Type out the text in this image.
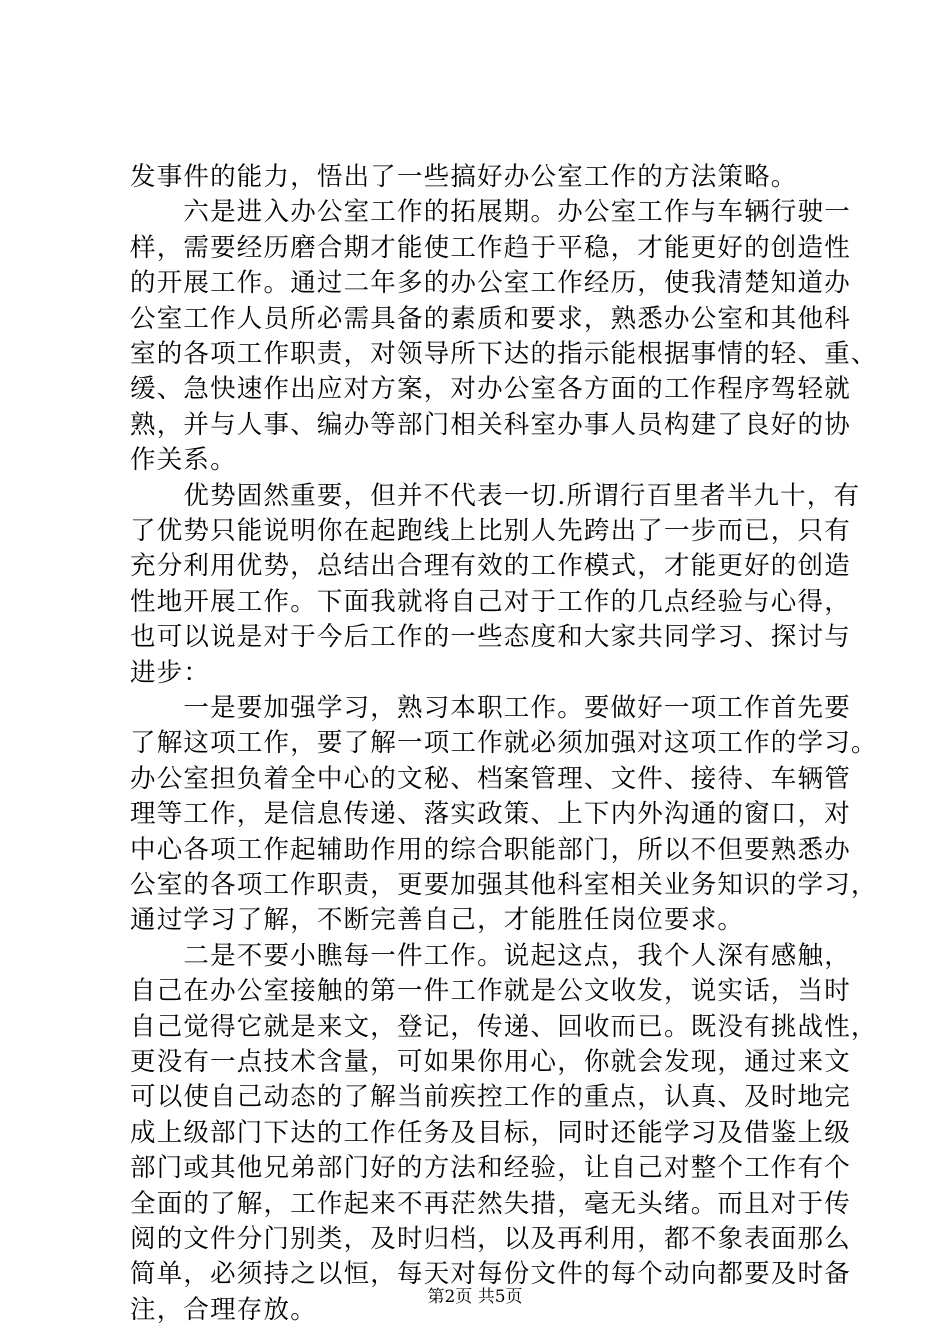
发事件的能力，悟出了一些搞好办公室工作的方法策略。
　　六是进入办公室工作的拓展期。办公室工作与车辆行驶一
样，需要经历磨合期才能使工作趋于平稳，才能更好的创造性
的开展工作。通过二年多的办公室工作经历，使我清楚知道办
公室工作人员所必需具备的素质和要求，熟悉办公室和其他科
室的各项工作职责，对领导所下达的指示能根据事情的轻、重、
缓、急快速作出应对方案，对办公室各方面的工作程序驾轻就
熟，并与人事、编办等部门相关科室办事人员构建了良好的协
作关系。
　　优势固然重要，但并不代表一切.所谓行百里者半九十，有
了优势只能说明你在起跑线上比别人先跨出了一步而已，只有
充分利用优势，总结出合理有效的工作模式，才能更好的创造
性地开展工作。下面我就将自己对于工作的几点经验与心得，
也可以说是对于今后工作的一些态度和大家共同学习、探讨与
进步：
　　一是要加强学习，熟习本职工作。要做好一项工作首先要
了解这项工作，要了解一项工作就必须加强对这项工作的学习。
办公室担负着全中心的文秘、档案管理、文件、接待、车辆管
理等工作，是信息传递、落实政策、上下内外沟通的窗口，对
中心各项工作起辅助作用的综合职能部门，所以不但要熟悉办
公室的各项工作职责，更要加强其他科室相关业务知识的学习，
通过学习了解，不断完善自己，才能胜任岗位要求。
　　二是不要小瞧每一件工作。说起这点，我个人深有感触，
自己在办公室接触的第一件工作就是公文收发，说实话，当时
自己觉得它就是来文，登记，传递、回收而已。既没有挑战性，
更没有一点技术含量，可如果你用心，你就会发现，通过来文
可以使自己动态的了解当前疾控工作的重点，认真、及时地完
成上级部门下达的工作任务及目标，同时还能学习及借鉴上级
部门或其他兄弟部门好的方法和经验，让自己对整个工作有个
全面的了解，工作起来不再茫然失措，毫无头绪。而且对于传
阅的文件分门别类，及时归档，以及再利用，都不象表面那么
简单，必须持之以恒，每天对每份文件的每个动向都要及时备
注，合理存放。	第2页 共5页
